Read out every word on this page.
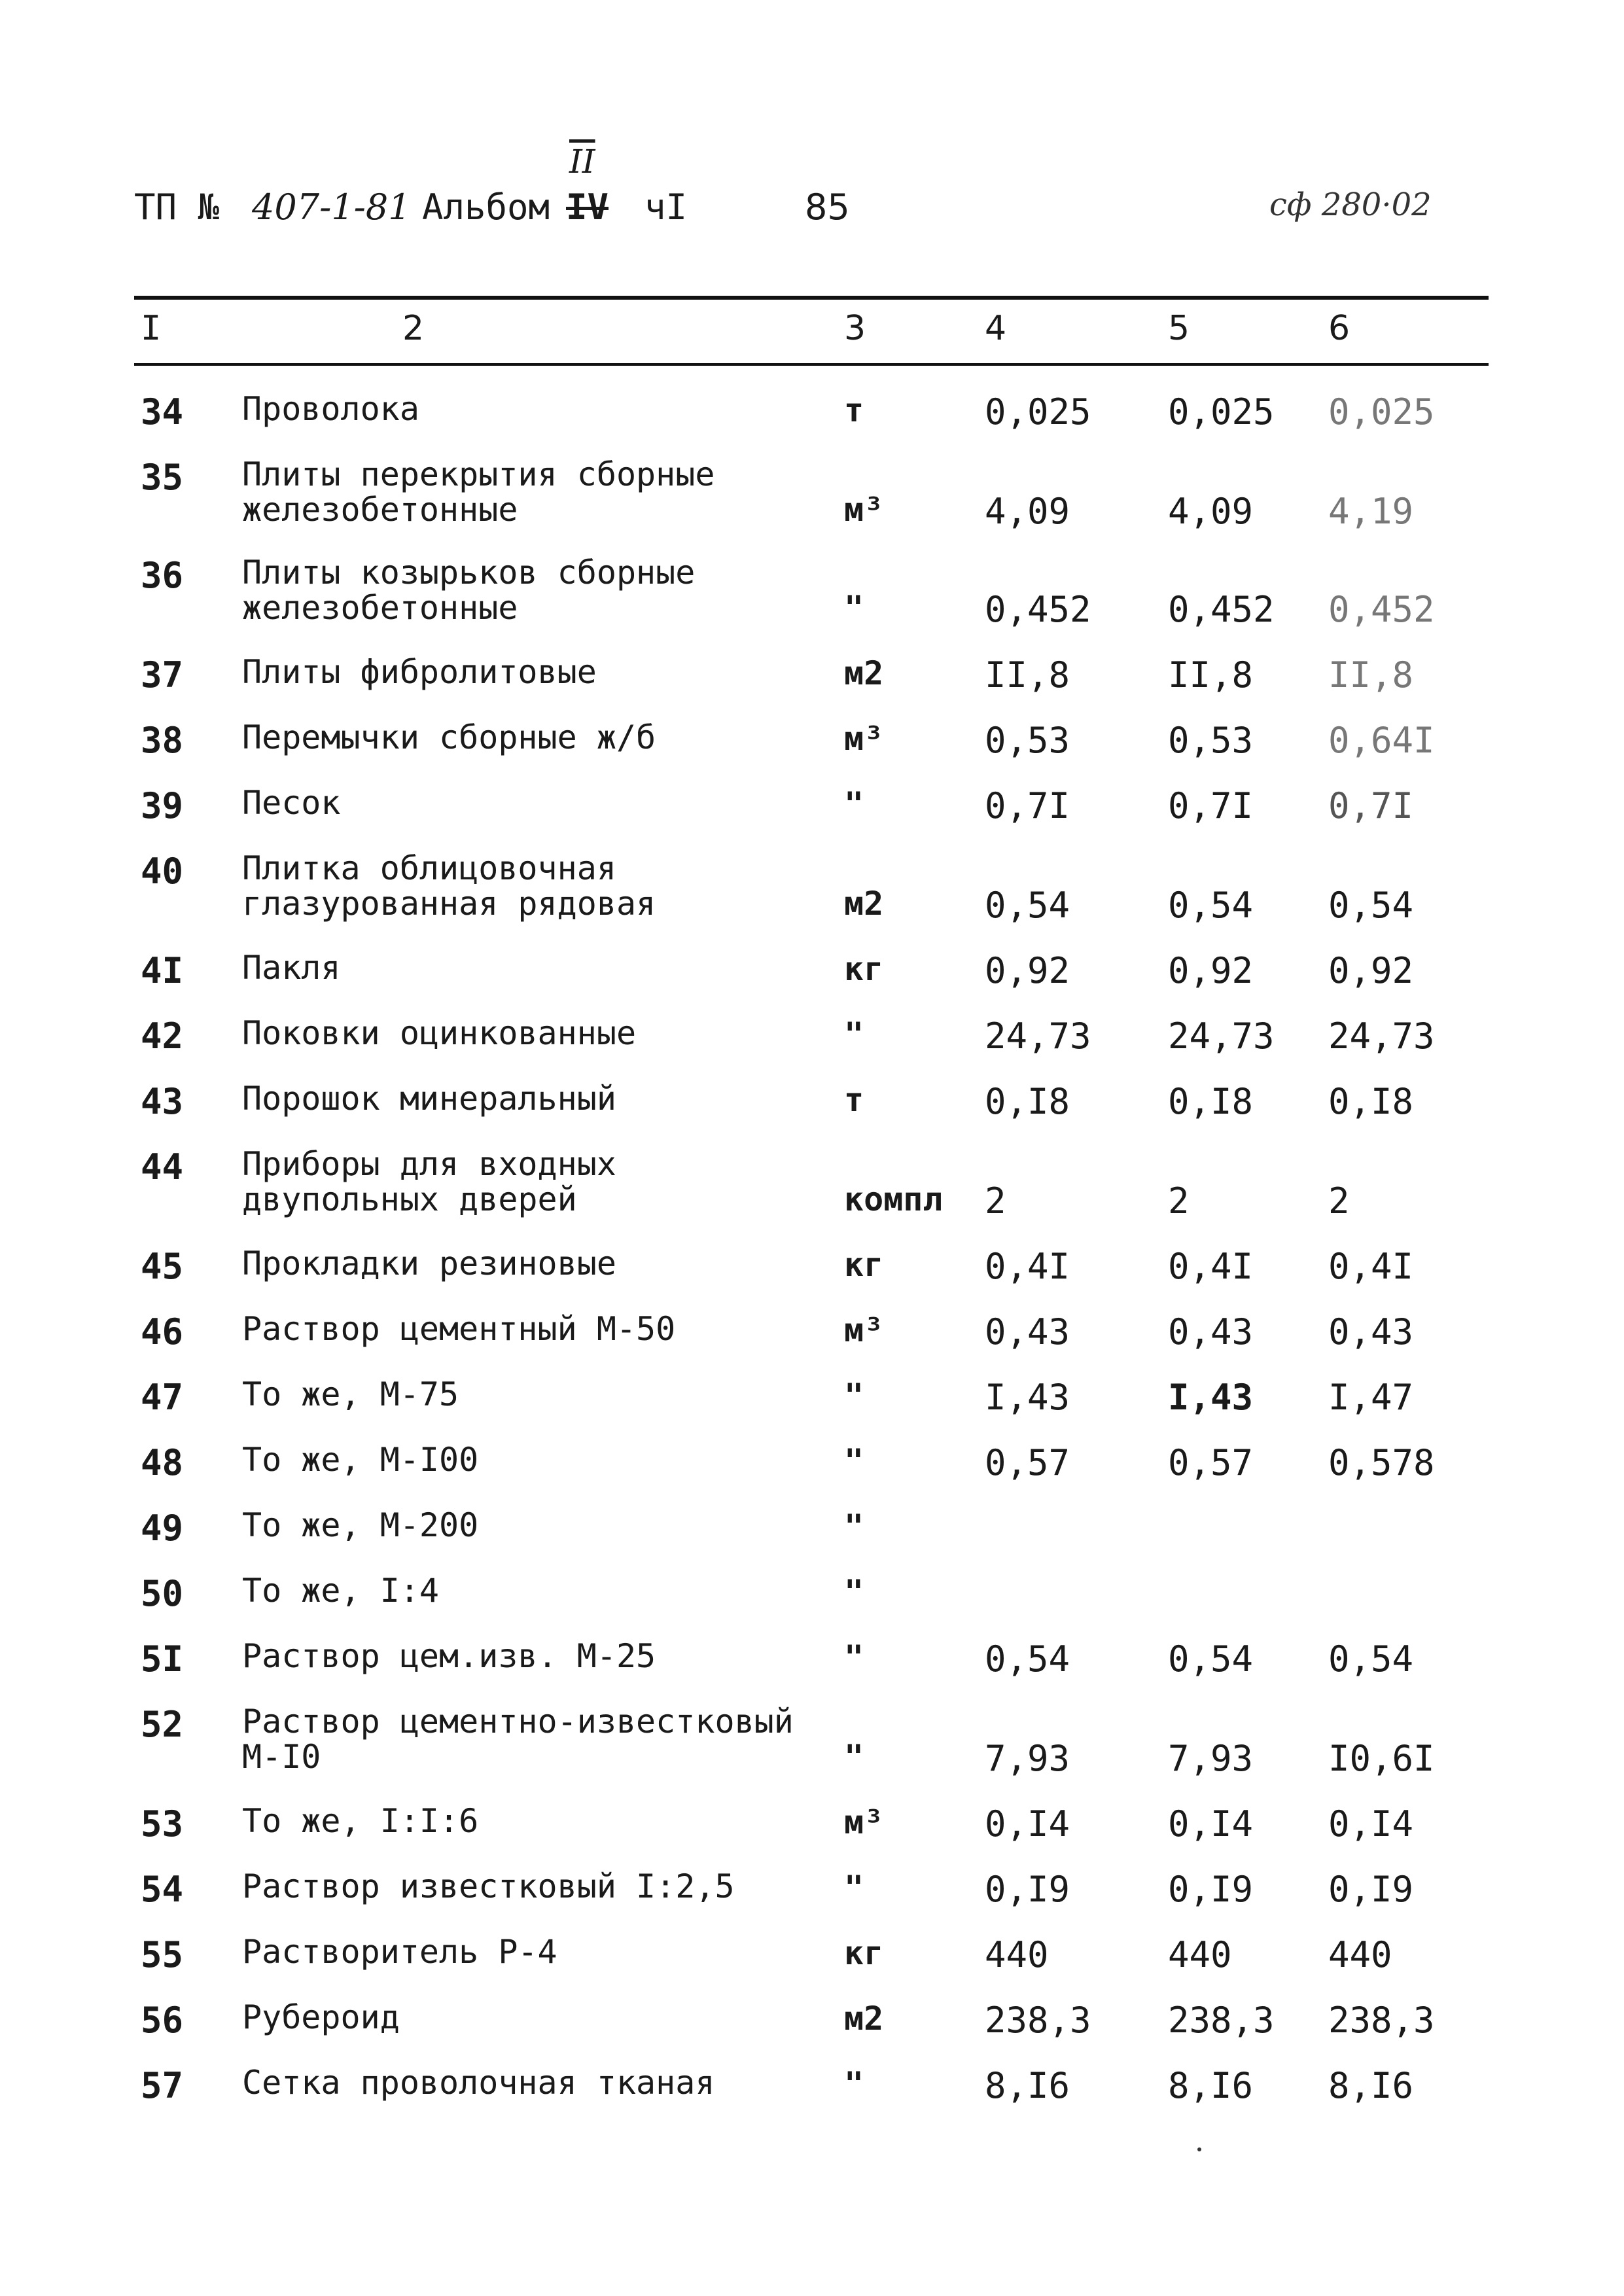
ТП № 407-1-81 Альбом IV
$\overline{II}$
чI	85	сф 280·02
I	2	3	4	5	6
34 Проволока	т	0,025 0,025 0,025
35 Плиты перекрытия сборные железобетонные	м³	4,09	4,09 4,19
36 Плиты козырьков сборные железобетонные	"	0,452 0,452 0,452
37 Плиты фибролитовые	м2	II,8	II,8 II,8
38 Перемычки сборные ж/б	м³	0,53	0,53 0,64I
39 Песок	"	0,7I	0,7I 0,7I
40 Плитка облицовочная глазурованная рядовая	м2	0,54	0,54 0,54
4I Пакля	кг	0,92	0,92 0,92
42 Поковки оцинкованные	"	24,73 24,73 24,73
43 Порошок минеральный	т	0,I8	0,I8 0,I8
44 Приборы для входных двупольных дверей	компл 2	2	2
45 Прокладки резиновые	кг	0,4I	0,4I 0,4I
46 Раствор цементный М-50	м³	0,43	0,43 0,43
47 То же, М-75	"	I,43	I,43 I,47
48 То же, М-I00	"	0,57	0,57 0,578
49 То же, М-200	"
50 То же, I:4	"
5I Раствор цем.изв. М-25	"	0,54	0,54 0,54
52 Раствор цементно-известковый М-I0	"	7,93	7,93 I0,6I
53 То же, I:I:6	м³	0,I4	0,I4 0,I4
54 Раствор известковый I:2,5	"	0,I9	0,I9 0,I9
55 Растворитель Р-4	кг	440	440	440
56 Рубероид	м2	238,3 238,3 238,3
57 Сетка проволочная тканая	"	8,I6	8,I6 8,I6
